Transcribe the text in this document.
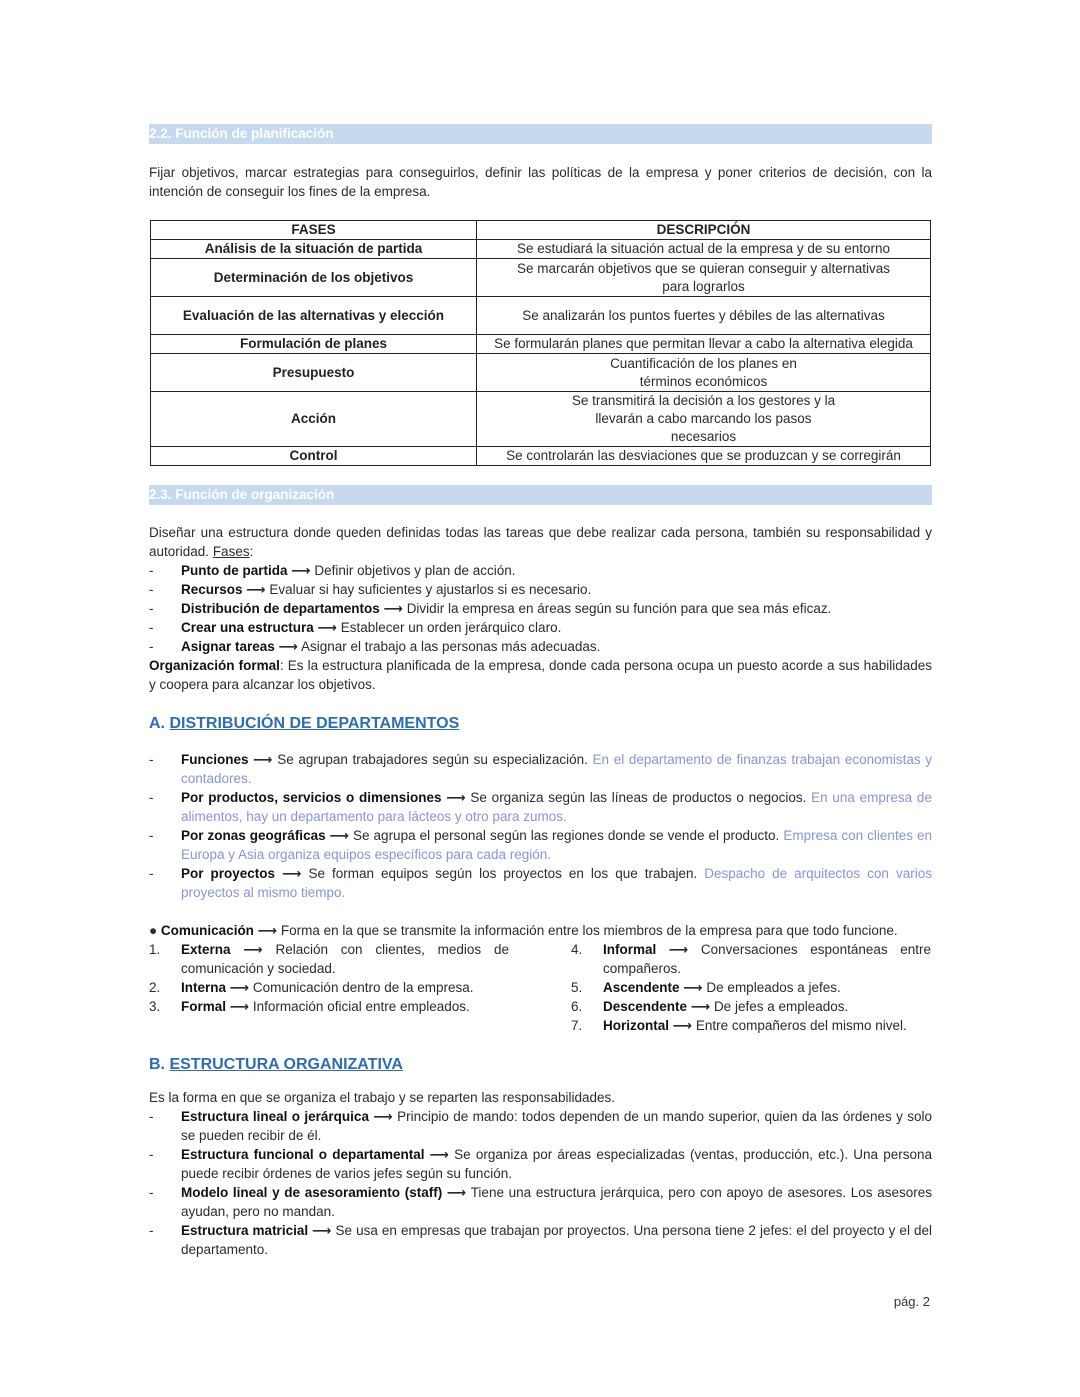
2.2. Función de planificación

Fijar objetivos, marcar estrategias para conseguirlos, definir las políticas de la empresa y poner criterios de decisión, con la intención de conseguir los fines de la empresa.

FASES	DESCRIPCIÓN
Análisis de la situación de partida	Se estudiará la situación actual de la empresa y de su entorno
Determinación de los objetivos	Se marcarán objetivos que se quieran conseguir y alternativas para lograrlos
Evaluación de las alternativas y elección	Se analizarán los puntos fuertes y débiles de las alternativas
Formulación de planes	Se formularán planes que permitan llevar a cabo la alternativa elegida
Presupuesto	Cuantificación de los planes en términos económicos
Acción	Se transmitirá la decisión a los gestores y la llevarán a cabo marcando los pasos necesarios
Control	Se controlarán las desviaciones que se produzcan y se corregirán
2.3. Función de organización

Diseñar una estructura donde queden definidas todas las tareas que debe realizar cada persona, también su responsabilidad y autoridad. Fases:

- Punto de partida ⟶ Definir objetivos y plan de acción.
- Recursos ⟶ Evaluar si hay suficientes y ajustarlos si es necesario.
- Distribución de departamentos ⟶ Dividir la empresa en áreas según su función para que sea más eficaz.
- Crear una estructura ⟶ Establecer un orden jerárquico claro.
- Asignar tareas ⟶ Asignar el trabajo a las personas más adecuadas.

Organización formal: Es la estructura planificada de la empresa, donde cada persona ocupa un puesto acorde a sus habilidades y coopera para alcanzar los objetivos.

A. DISTRIBUCIÓN DE DEPARTAMENTOS
- Funciones ⟶ Se agrupan trabajadores según su especialización. En el departamento de finanzas trabajan economistas y contadores.
- Por productos, servicios o dimensiones ⟶ Se organiza según las líneas de productos o negocios. En una empresa de alimentos, hay un departamento para lácteos y otro para zumos.
- Por zonas geográficas ⟶ Se agrupa el personal según las regiones donde se vende el producto. Empresa con clientes en Europa y Asia organiza equipos específicos para cada región.
- Por proyectos ⟶ Se forman equipos según los proyectos en los que trabajen. Despacho de arquitectos con varios proyectos al mismo tiempo.

● Comunicación ⟶ Forma en la que se transmite la información entre los miembros de la empresa para que todo funcione.

1. Externa ⟶ Relación con clientes, medios de comunicación y sociedad.
2. Interna ⟶ Comunicación dentro de la empresa.
3. Formal ⟶ Información oficial entre empleados.
4. Informal ⟶ Conversaciones espontáneas entre compañeros.
5. Ascendente ⟶ De empleados a jefes.
6. Descendente ⟶ De jefes a empleados.
7. Horizontal ⟶ Entre compañeros del mismo nivel.
B. ESTRUCTURA ORGANIZATIVA

Es la forma en que se organiza el trabajo y se reparten las responsabilidades.

- Estructura lineal o jerárquica ⟶ Principio de mando: todos dependen de un mando superior, quien da las órdenes y solo se pueden recibir de él.
- Estructura funcional o departamental ⟶ Se organiza por áreas especializadas (ventas, producción, etc.). Una persona puede recibir órdenes de varios jefes según su función.
- Modelo lineal y de asesoramiento (staff) ⟶ Tiene una estructura jerárquica, pero con apoyo de asesores. Los asesores ayudan, pero no mandan.
- Estructura matricial ⟶ Se usa en empresas que trabajan por proyectos. Una persona tiene 2 jefes: el del proyecto y el del departamento.
pág. 2
